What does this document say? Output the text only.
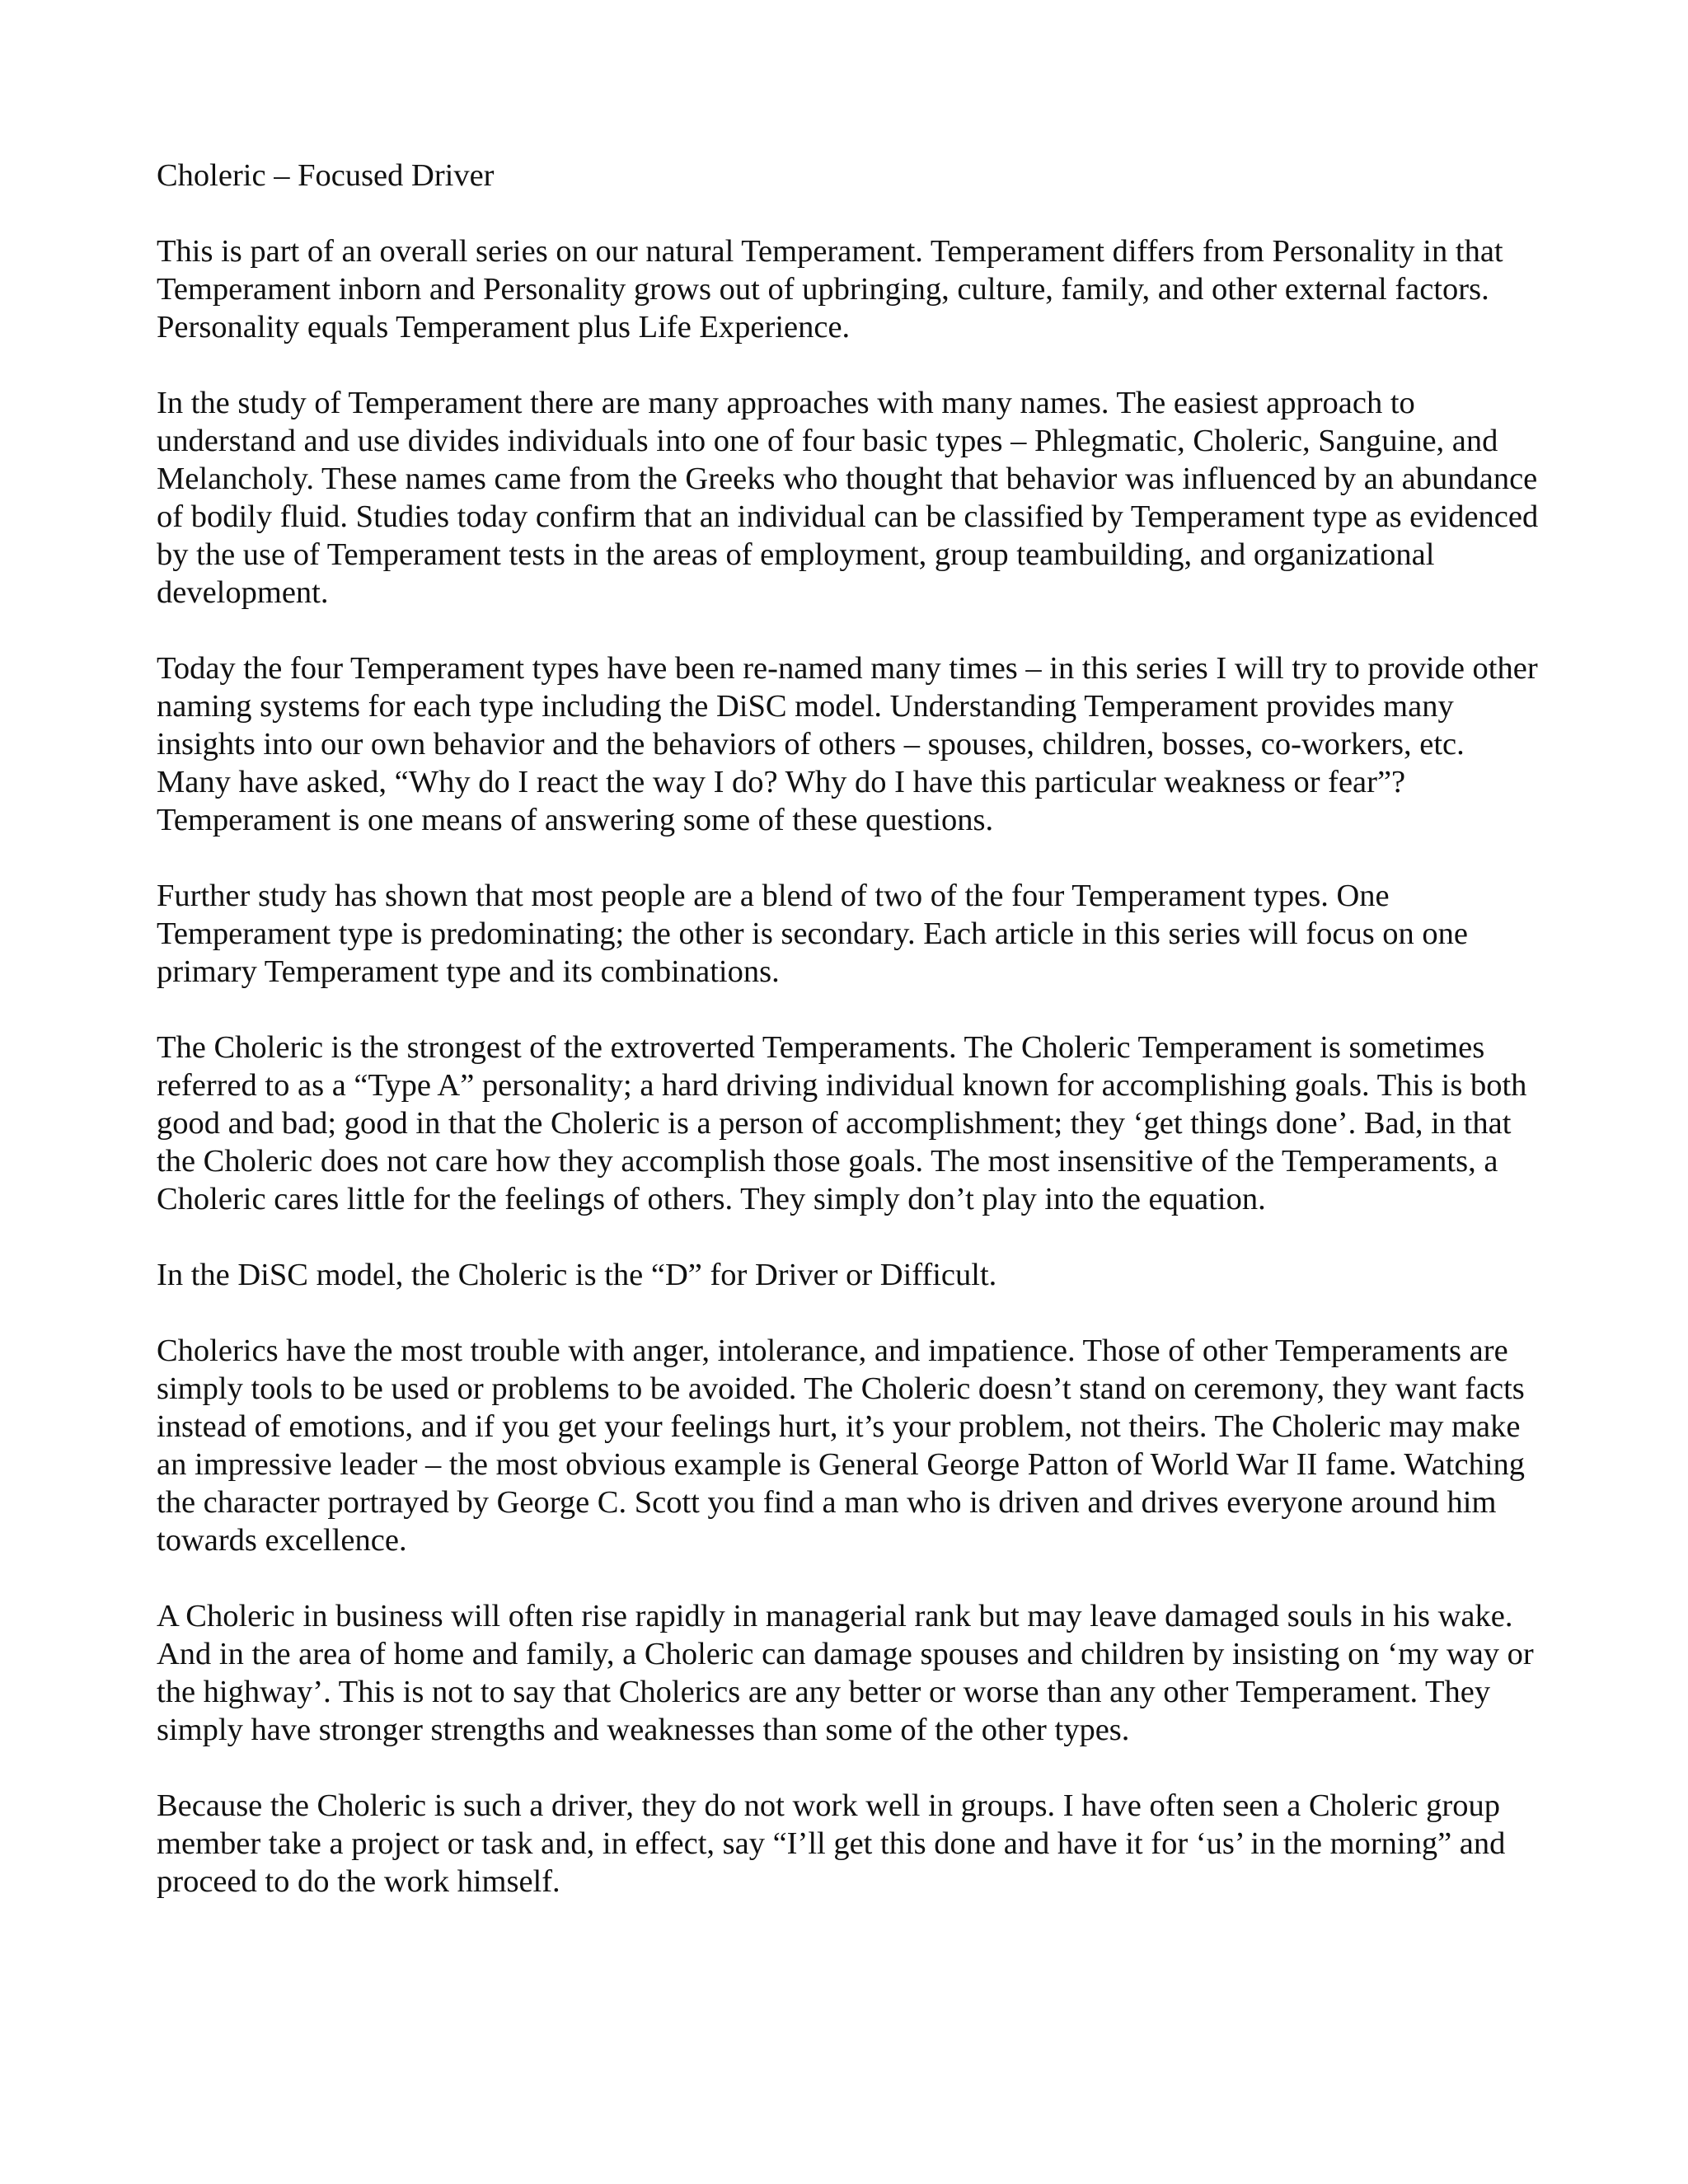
Choleric – Focused Driver

This is part of an overall series on our natural Temperament. Temperament differs from Personality in that Temperament inborn and Personality grows out of upbringing, culture, family, and other external factors. Personality equals Temperament plus Life Experience.

In the study of Temperament there are many approaches with many names. The easiest approach to understand and use divides individuals into one of four basic types – Phlegmatic, Choleric, Sanguine, and Melancholy. These names came from the Greeks who thought that behavior was influenced by an abundance of bodily fluid. Studies today confirm that an individual can be classified by Temperament type as evidenced by the use of Temperament tests in the areas of employment, group teambuilding, and organizational development.

Today the four Temperament types have been re-named many times – in this series I will try to provide other naming systems for each type including the DiSC model. Understanding Temperament provides many insights into our own behavior and the behaviors of others – spouses, children, bosses, co-workers, etc. Many have asked, “Why do I react the way I do? Why do I have this particular weakness or fear”? Temperament is one means of answering some of these questions.

Further study has shown that most people are a blend of two of the four Temperament types. One Temperament type is predominating; the other is secondary. Each article in this series will focus on one primary Temperament type and its combinations.

The Choleric is the strongest of the extroverted Temperaments. The Choleric Temperament is sometimes referred to as a “Type A” personality; a hard driving individual known for accomplishing goals. This is both good and bad; good in that the Choleric is a person of accomplishment; they ‘get things done’. Bad, in that the Choleric does not care how they accomplish those goals. The most insensitive of the Temperaments, a Choleric cares little for the feelings of others. They simply don’t play into the equation.

In the DiSC model, the Choleric is the “D” for Driver or Difficult.

Cholerics have the most trouble with anger, intolerance, and impatience. Those of other Temperaments are simply tools to be used or problems to be avoided. The Choleric doesn’t stand on ceremony, they want facts instead of emotions, and if you get your feelings hurt, it’s your problem, not theirs. The Choleric may make an impressive leader – the most obvious example is General George Patton of World War II fame. Watching the character portrayed by George C. Scott you find a man who is driven and drives everyone around him towards excellence.

A Choleric in business will often rise rapidly in managerial rank but may leave damaged souls in his wake. And in the area of home and family, a Choleric can damage spouses and children by insisting on ‘my way or the highway’. This is not to say that Cholerics are any better or worse than any other Temperament. They simply have stronger strengths and weaknesses than some of the other types.

Because the Choleric is such a driver, they do not work well in groups. I have often seen a Choleric group member take a project or task and, in effect, say “I’ll get this done and have it for ‘us’ in the morning” and proceed to do the work himself.
